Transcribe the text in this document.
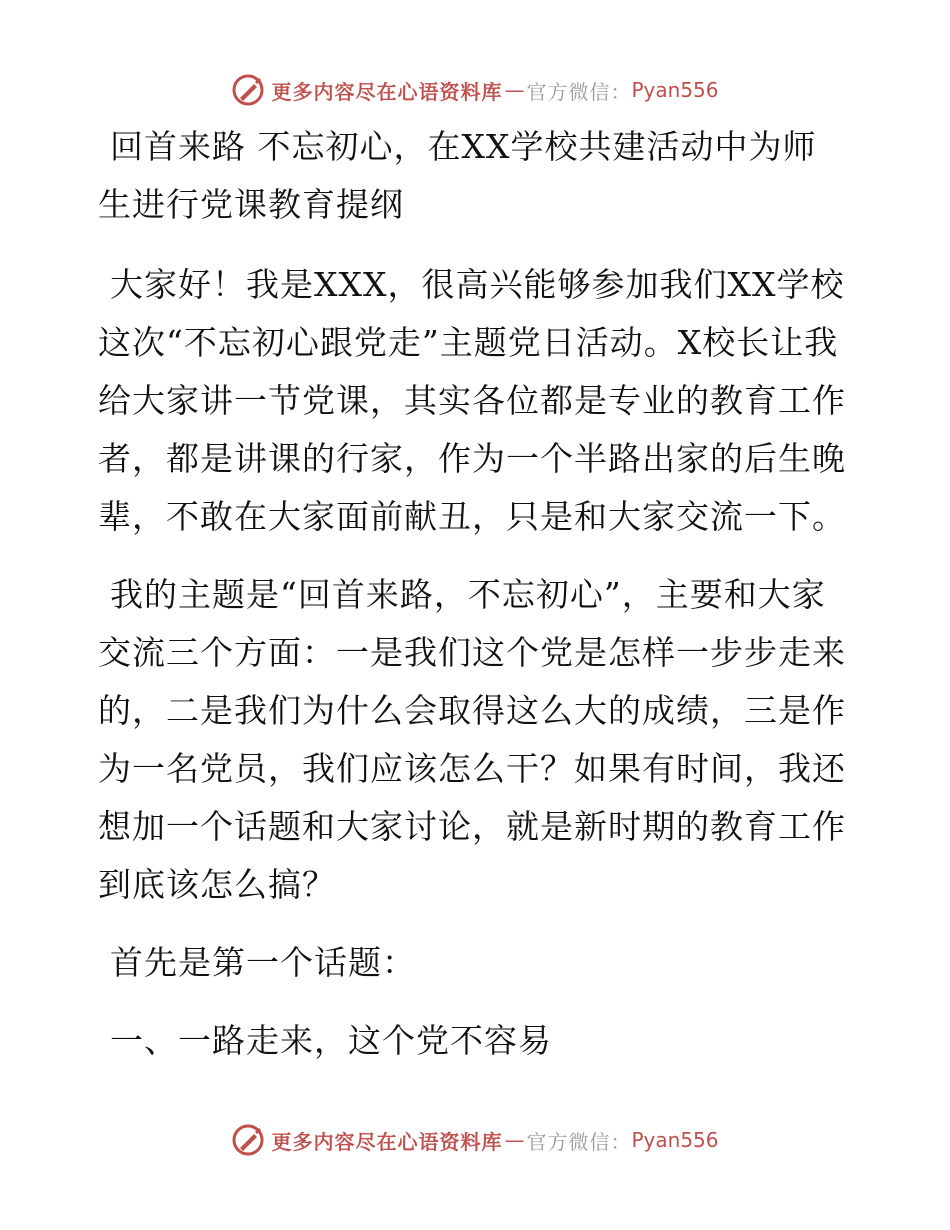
更多内容尽在心语资料库 — 官方微信： Pyan556

回首来路 不忘初心，在XX学校共建活动中为师生进行党课教育提纲

大家好！我是XXX，很高兴能够参加我们XX学校这次“不忘初心跟党走”主题党日活动。X校长让我给大家讲一节党课，其实各位都是专业的教育工作者，都是讲课的行家，作为一个半路出家的后生晚辈，不敢在大家面前献丑，只是和大家交流一下。

我的主题是“回首来路，不忘初心”，主要和大家交流三个方面：一是我们这个党是怎样一步步走来的，二是我们为什么会取得这么大的成绩，三是作为一名党员，我们应该怎么干？如果有时间，我还想加一个话题和大家讨论，就是新时期的教育工作到底该怎么搞？

首先是第一个话题：

一、一路走来，这个党不容易

更多内容尽在心语资料库 — 官方微信： Pyan556
